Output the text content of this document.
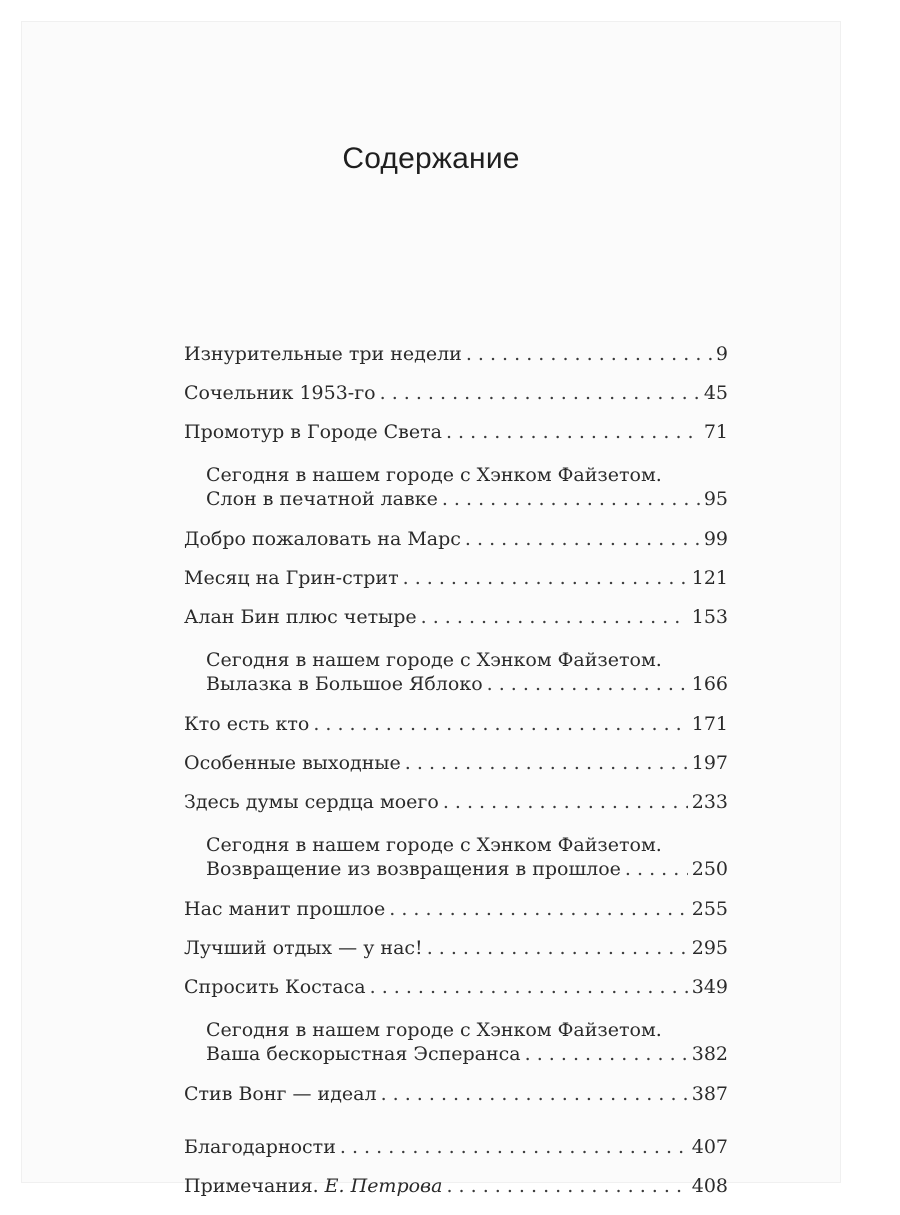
Содержание
Изнурительные три недели . . .	9
Сочельник 1953-го . . .	45
Промотур в Городе Света . . .	71
Сегодня в нашем городе с Хэнком Файзетом.
Слон в печатной лавке . . .	95
Добро пожаловать на Марс . . .	99
Месяц на Грин-стрит . . .	121
Алан Бин плюс четыре . . .	153
Сегодня в нашем городе с Хэнком Файзетом.
Вылазка в Большое Яблоко . . .	166
Кто есть кто . . .	171
Особенные выходные . . .	197
Здесь думы сердца моего . . .	233
Сегодня в нашем городе с Хэнком Файзетом.
Возвращение из возвращения в прошлое . . .	250
Нас манит прошлое . . .	255
Лучший отдых — у нас! . . .	295
Спросить Костаса . . .	349
Сегодня в нашем городе с Хэнком Файзетом.
Ваша бескорыстная Эсперанса . . .	382
Стив Вонг — идеал . . .	387
Благодарности . . .	407
Примечания. Е. Петрова . . .	408
